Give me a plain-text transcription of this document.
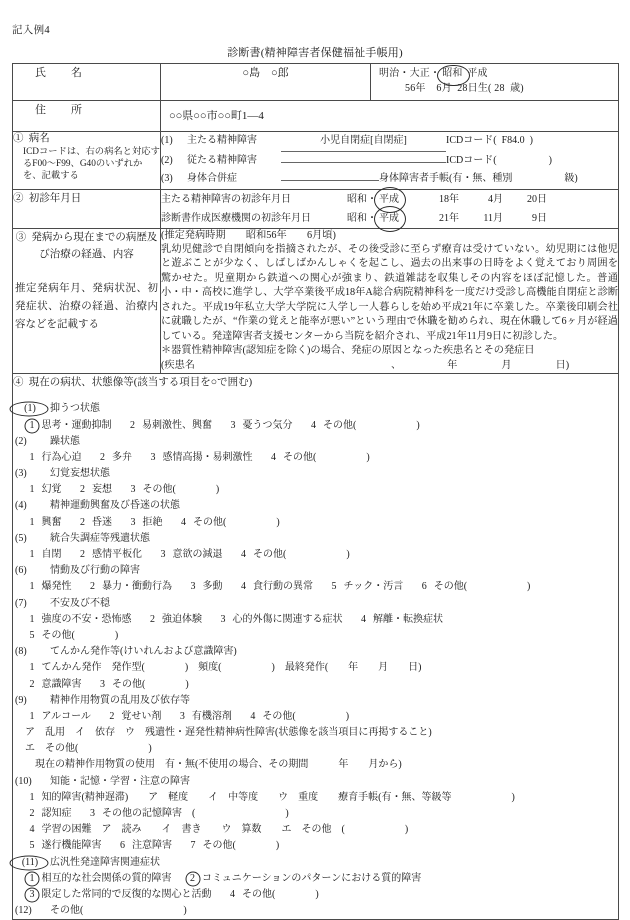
記入例4
診断書(精神障害者保健福祉手帳用)
氏　　名	○島　○郎	明治・大正・ 昭和 平成
56年 6月 28日生( 28 歳)

住　　所	○○県○○市○○町1—4	

① 病名
ICDコードは、右の病名と対応するF00～F99、G40のいずれかを、記載する

(1) 主たる精神障害	小児自閉症[自閉症]	ICDコード( F84.0 )
(2) 従たる精神障害	ICDコード(	)
(3) 身体合併症	身体障害者手帳(有・無、種別	級)

② 初診年月日	主たる精神障害の初診年月日 昭和・ 平成 18年 4月 20日
診断書作成医療機関の初診年月日 昭和・ 平成 21年 11月 9日	

③ 発病から現在までの病歴及び治療の経過、内容
推定発病年月、発病状況、初発症状、治療の経過、治療内容などを記載する

(推定発病時期　　昭和56年　　6月頃)

乳幼児健診で自閉傾向を指摘されたが、その後受診に至らず療育は受けていない。幼児期には他児と遊ぶことが少なく、しばしばかんしゃくを起こし、過去の出来事の日時をよく覚えており周囲を驚かせた。児童期から鉄道への関心が強まり、鉄道雑誌を収集しその内容をほぼ記憶した。普通小・中・高校に進学し、大学卒業後平成18年A総合病院精神科を一度だけ受診し高機能自閉症と診断された。平成19年私立大学大学院に入学し一人暮らしを始め平成21年に卒業した。卒業後印刷会社に就職したが、“作業の覚えと能率が悪い”という理由で休職を勧められ、現在休職して6ヶ月が経過している。発達障害者支援センターから当院を紹介され、平成21年11月9日に初診した。

＊器質性精神障害(認知症を除く)の場合、発症の原因となった疾患名とその発症日

(疾患名	、	年	月	日)

④ 現在の病状、状態像等(該当する項目を○で囲む)
(1)  抑うつ状態
1 思考・運動抑制 2 易刺激性、興奮 3 憂うつ気分 4 その他(　　　　　　)
(2)  躁状態
1 行為心迫 2 多弁 3 感情高揚・易刺激性 4 その他(　　　　　)
(3)  幻覚妄想状態
1 幻覚 2 妄想 3 その他(　　　　)
(4)  精神運動興奮及び昏迷の状態
1 興奮 2 昏迷 3 拒絶 4 その他(　　　　　)
(5)  統合失調症等残遺状態
1 自閉 2 感情平板化 3 意欲の減退 4 その他(　　　　　　)
(6)  情動及び行動の障害
1 爆発性 2 暴力・衝動行為 3 多動 4 食行動の異常 5 チック・汚言 6 その他(　　　　　　)
(7)  不安及び不穏
1 強度の不安・恐怖感 2 強迫体験 3 心的外傷に関連する症状 4 解離・転換症状
5 その他(　　　　)
(8)  てんかん発作等(けいれんおよび意識障害)
1 てんかん発作　発作型(　　　　)　頻度(　　　　　)　最終発作(　　年　　月　　日)
2 意識障害 3 その他(　　　　)
(9)  精神作用物質の乱用及び依存等
1 アルコール 2 覚せい剤 3 有機溶剤 4 その他(　　　　　)
ア　乱用　イ　依存　ウ　残遺性・遅発性精神病性障害(状態像を該当項目に再掲すること)
エ　その他(　　　　　　　)
　現在の精神作用物質の使用　有・無(不使用の場合、その期間　　　年　　月から)
(10)  知能・記憶・学習・注意の障害
1 知的障害(精神遅滞)　　ア　軽度　　イ　中等度　　ウ　重度　　療育手帳(有・無、等級等　　　　　　)
2 認知症 3 その他の記憶障害　(　　　　　　　　　)
4 学習の困難　ア　読み　　イ　書き　　ウ　算数　　エ　その他　(　　　　　　)
5 遂行機能障害 6 注意障害 7 その他(　　　　)
(11)  広汎性発達障害関連症状
1 相互的な社会関係の質的障害 2 コミュニケーションのパターンにおける質的障害
3 限定した常同的で反復的な関心と活動 4 その他(　　　　)
(12)  その他(　　　　　　　　　　)
